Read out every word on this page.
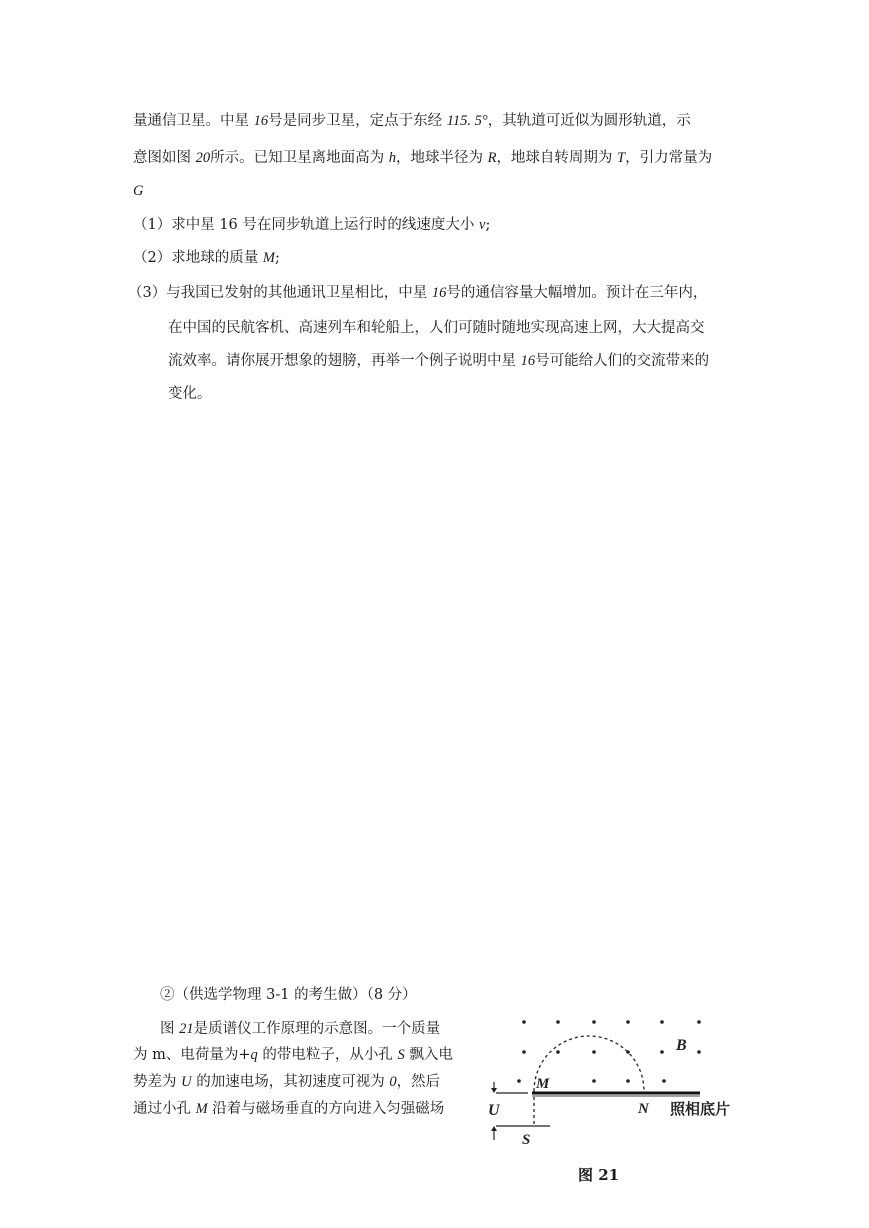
量通信卫星。中星 16号是同步卫星，定点于东经 115. 5°，其轨道可近似为圆形轨道，示
意图如图 20所示。已知卫星离地面高为 h，地球半径为 R，地球自转周期为 T，引力常量为
G
（1）求中星 16 号在同步轨道上运行时的线速度大小 v;
（2）求地球的质量 M;
（3）与我国已发射的其他通讯卫星相比，中星 16号的通信容量大幅增加。预计在三年内，
在中国的民航客机、高速列车和轮船上，人们可随时随地实现高速上网，大大提高交
流效率。请你展开想象的翅膀，再举一个例子说明中星 16号可能给人们的交流带来的
变化。
②（供选学物理 3-1 的考生做）（8 分）
图 21是质谱仪工作原理的示意图。一个质量
为 m、电荷量为+q 的带电粒子，从小孔 S 飘入电
势差为 U 的加速电场，其初速度可视为 0，然后
通过小孔 M 沿着与磁场垂直的方向进入匀强磁场
B
M
N
U
S
照相底片
图 21
